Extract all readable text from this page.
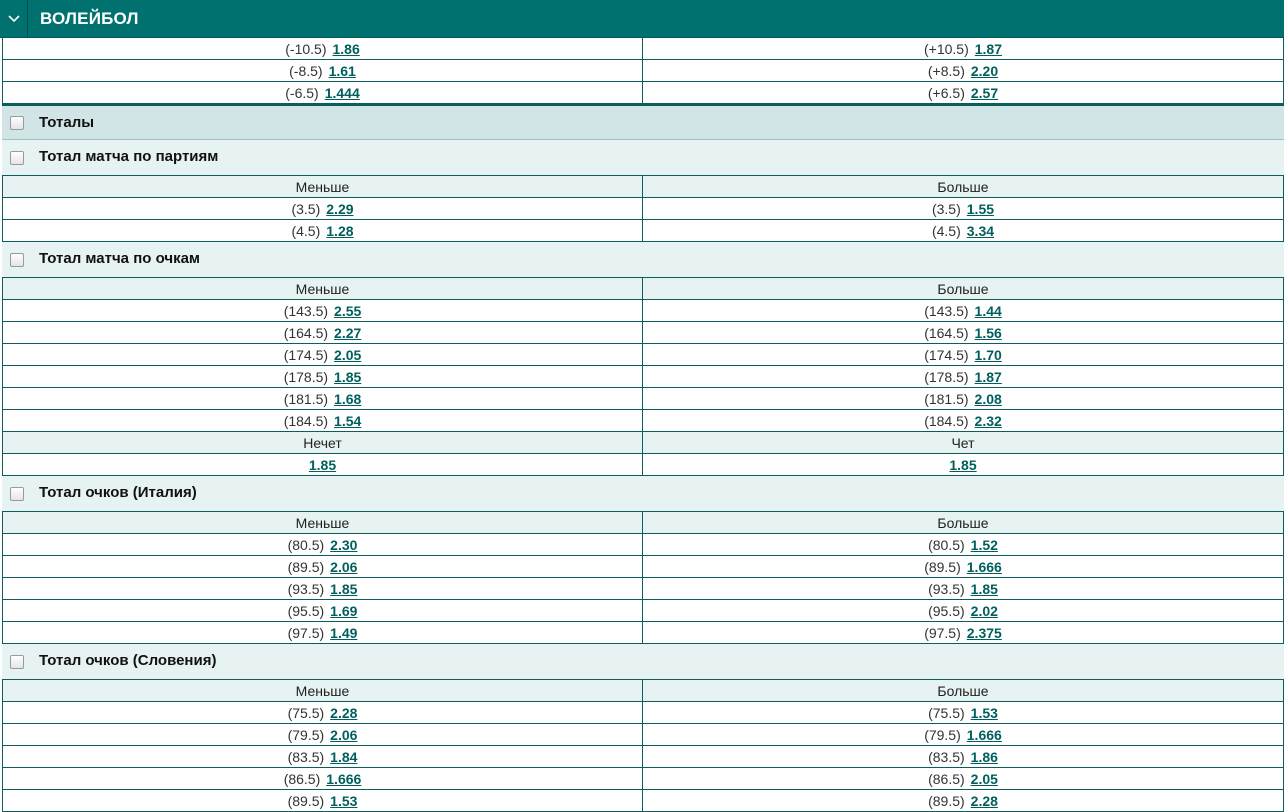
ВОЛЕЙБОЛ
(-10.5) 1.86	(+10.5) 1.87
(-8.5) 1.61	(+8.5) 2.20
(-6.5) 1.444	(+6.5) 2.57
Тоталы
Тотал матча по партиям
Меньше	Больше
(3.5) 2.29	(3.5) 1.55
(4.5) 1.28	(4.5) 3.34
Тотал матча по очкам
Меньше	Больше
(143.5) 2.55	(143.5) 1.44
(164.5) 2.27	(164.5) 1.56
(174.5) 2.05	(174.5) 1.70
(178.5) 1.85	(178.5) 1.87
(181.5) 1.68	(181.5) 2.08
(184.5) 1.54	(184.5) 2.32
Нечет	Чет
1.85	1.85
Тотал очков (Италия)
Меньше	Больше
(80.5) 2.30	(80.5) 1.52
(89.5) 2.06	(89.5) 1.666
(93.5) 1.85	(93.5) 1.85
(95.5) 1.69	(95.5) 2.02
(97.5) 1.49	(97.5) 2.375
Тотал очков (Словения)
Меньше	Больше
(75.5) 2.28	(75.5) 1.53
(79.5) 2.06	(79.5) 1.666
(83.5) 1.84	(83.5) 1.86
(86.5) 1.666	(86.5) 2.05
(89.5) 1.53	(89.5) 2.28
